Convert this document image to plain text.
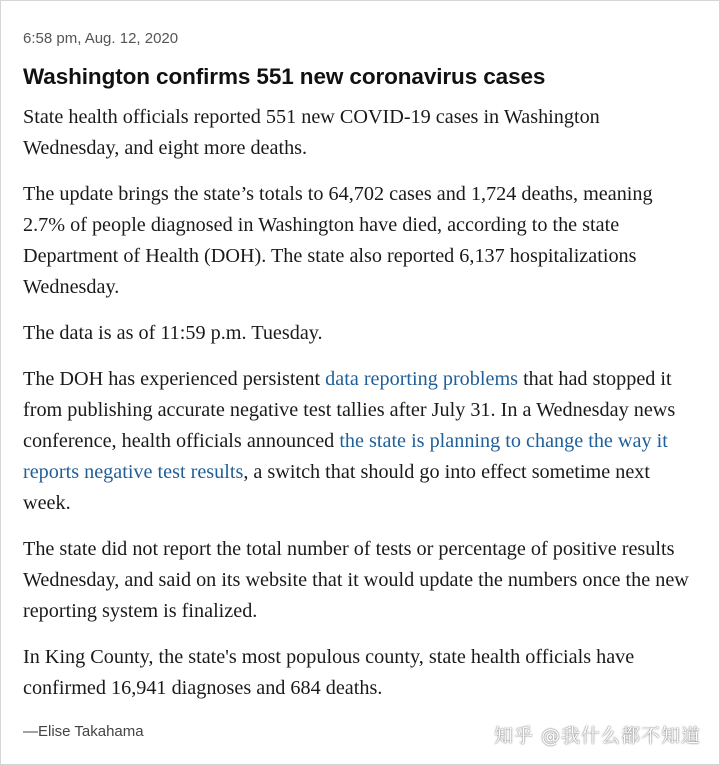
6:58 pm, Aug. 12, 2020
Washington confirms 551 new coronavirus cases

State health officials reported 551 new COVID-19 cases in Washington Wednesday, and eight more deaths.

The update brings the state’s totals to 64,702 cases and 1,724 deaths, meaning 2.7% of people diagnosed in Washington have died, according to the state Department of Health (DOH). The state also reported 6,137 hospitalizations Wednesday.

The data is as of 11:59 p.m. Tuesday.

The DOH has experienced persistent data reporting problems that had stopped it from publishing accurate negative test tallies after July 31. In a Wednesday news conference, health officials announced the state is planning to change the way it reports negative test results, a switch that should go into effect sometime next week.

The state did not report the total number of tests or percentage of positive results Wednesday, and said on its website that it would update the numbers once the new reporting system is finalized.

In King County, the state's most populous county, state health officials have confirmed 16,941 diagnoses and 684 deaths.

—Elise Takahama	知乎 @我什么都不知道
